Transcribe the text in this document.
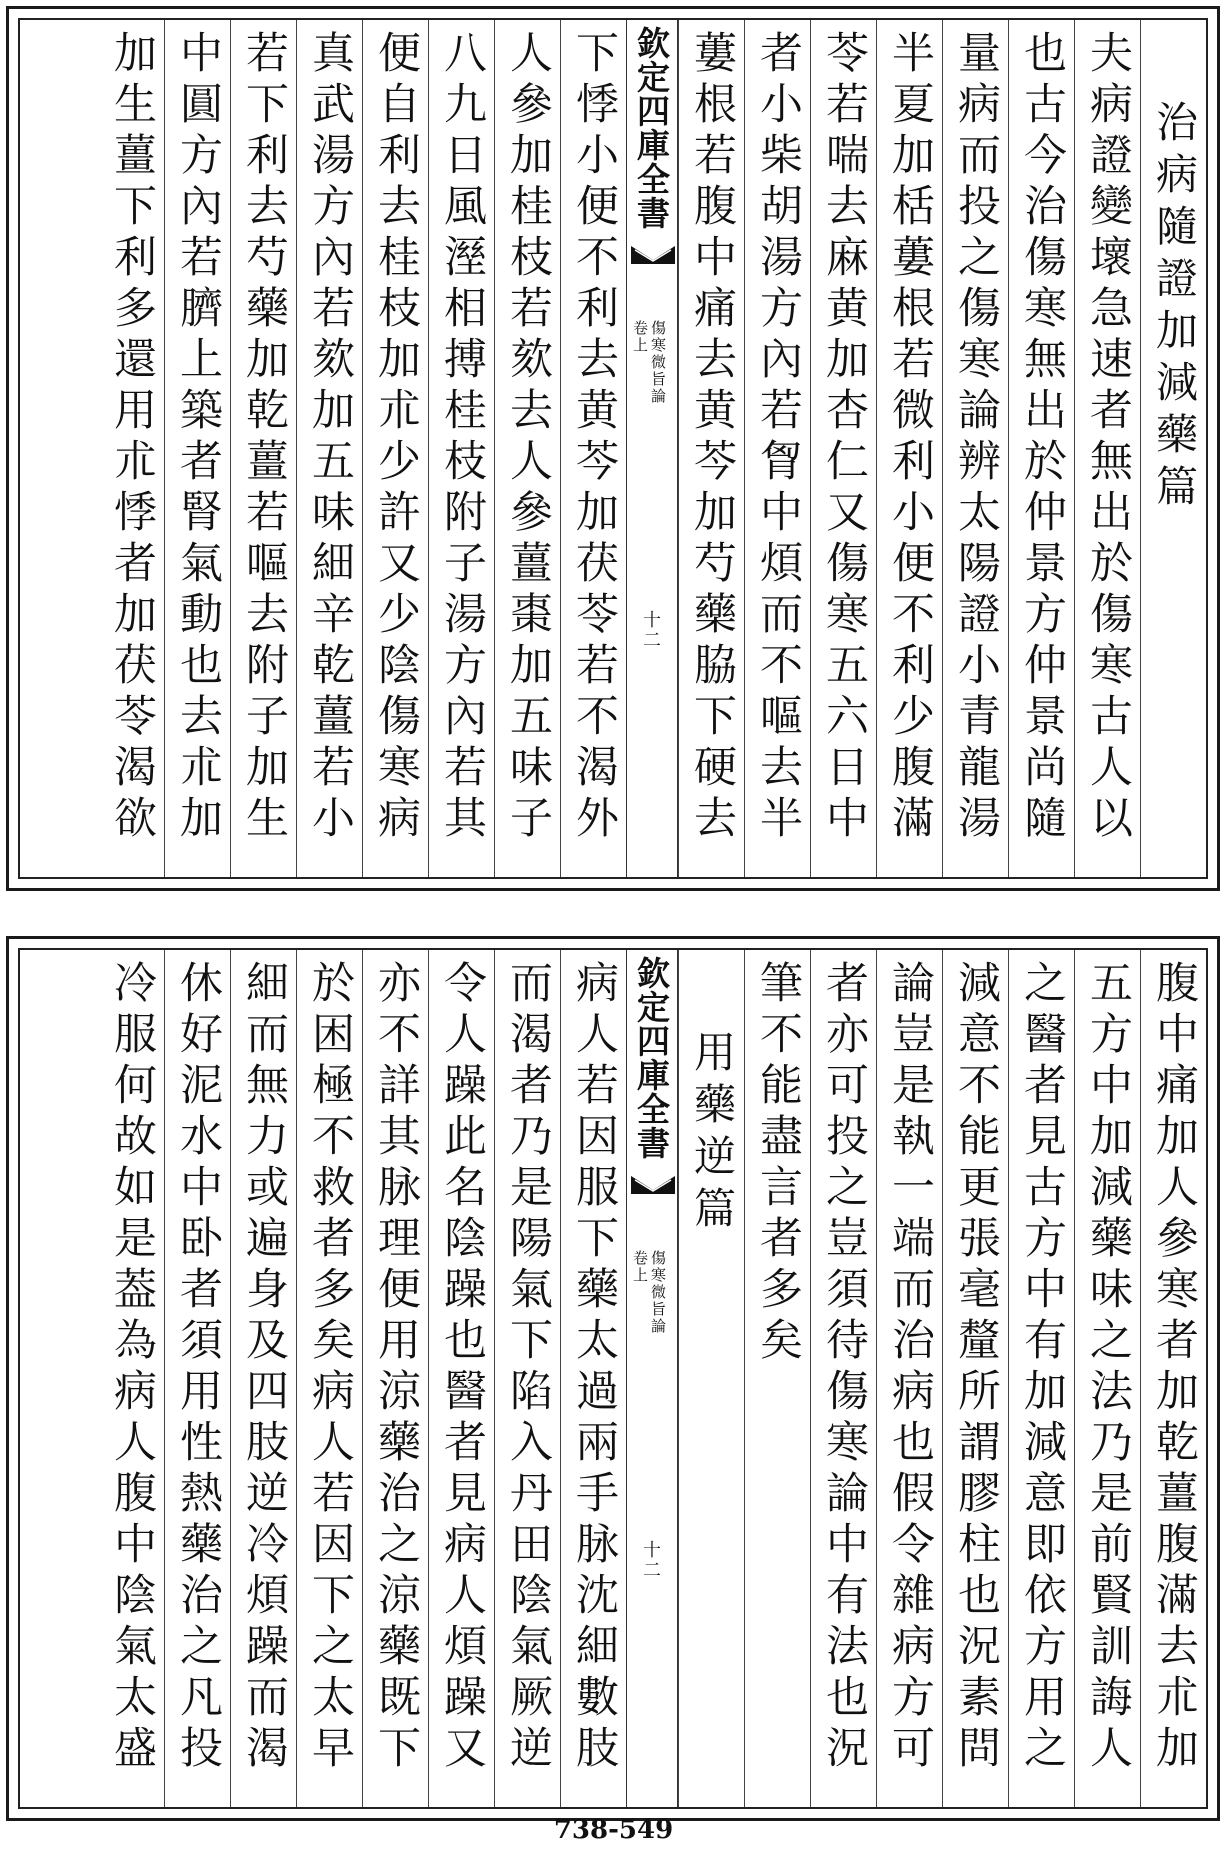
治病隨證加減藥篇
夫病證變壞急速者無出於傷寒古人以
也古今治傷寒無出於仲景方仲景尚隨
量病而投之傷寒論辨太陽證小青龍湯
半夏加栝蔞根若微利小便不利少腹滿
苓若喘去麻黄加杏仁又傷寒五六日中
者小柴胡湯方內若胷中煩而不嘔去半
蔞根若腹中痛去黄芩加芍藥脇下硬去
欽定四庫全書
傷寒微旨論
卷上
十二
下悸小便不利去黄芩加茯苓若不渴外
人參加桂枝若欬去人參薑棗加五味子
八九日風溼相搏桂枝附子湯方內若其
便自利去桂枝加朮少許又少陰傷寒病
真武湯方內若欬加五味細辛乾薑若小
若下利去芍藥加乾薑若嘔去附子加生
中圓方內若臍上築者腎氣動也去朮加
加生薑下利多還用朮悸者加茯苓渴欲
腹中痛加人參寒者加乾薑腹滿去朮加
五方中加減藥味之法乃是前賢訓誨人
之醫者見古方中有加減意即依方用之
減意不能更張毫釐所謂膠柱也況素問
論豈是執一端而治病也假令雜病方可
者亦可投之豈須待傷寒論中有法也況
筆不能盡言者多矣
用藥逆篇
欽定四庫全書
傷寒微旨論
卷上
十二
病人若因服下藥太過兩手脉沈細數肢
而渴者乃是陽氣下陷入丹田陰氣厥逆
令人躁此名陰躁也醫者見病人煩躁又
亦不詳其脉理便用涼藥治之涼藥既下
於困極不救者多矣病人若因下之太早
細而無力或遍身及四肢逆冷煩躁而渴
休好泥水中卧者須用性熱藥治之凡投
冷服何故如是葢為病人腹中陰氣太盛
738-549
